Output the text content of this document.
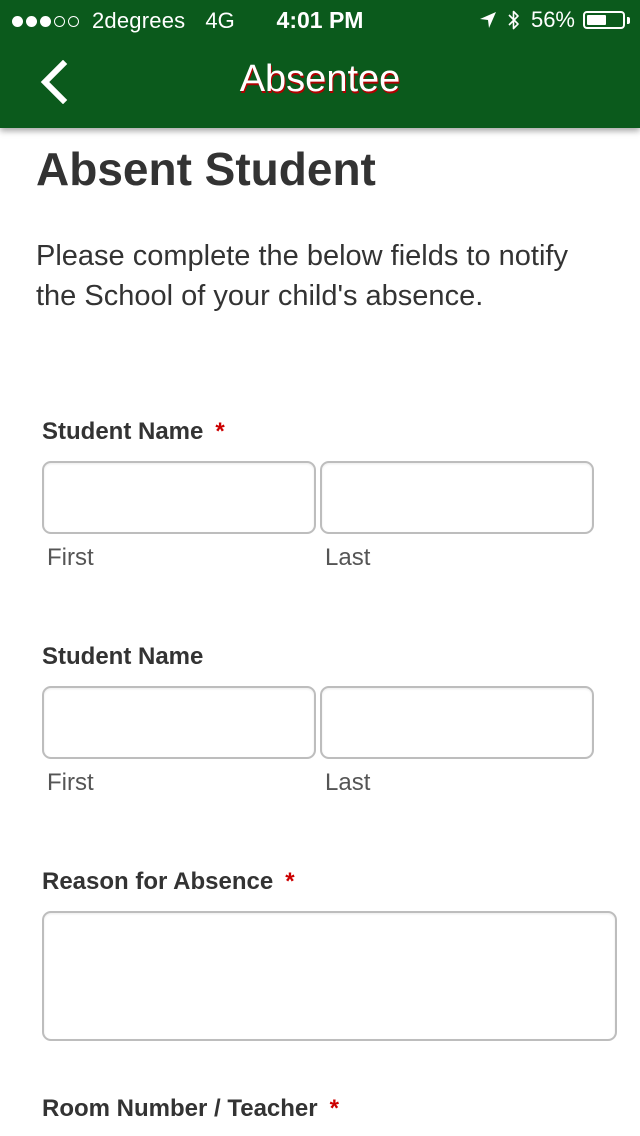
2degrees 4G	4:01 PM	56%
Absentee
Absent Student

Please complete the below fields to notify the School of your child's absence.

Student Name *
First	Last
Student Name
First	Last
Reason for Absence *
Room Number / Teacher *
